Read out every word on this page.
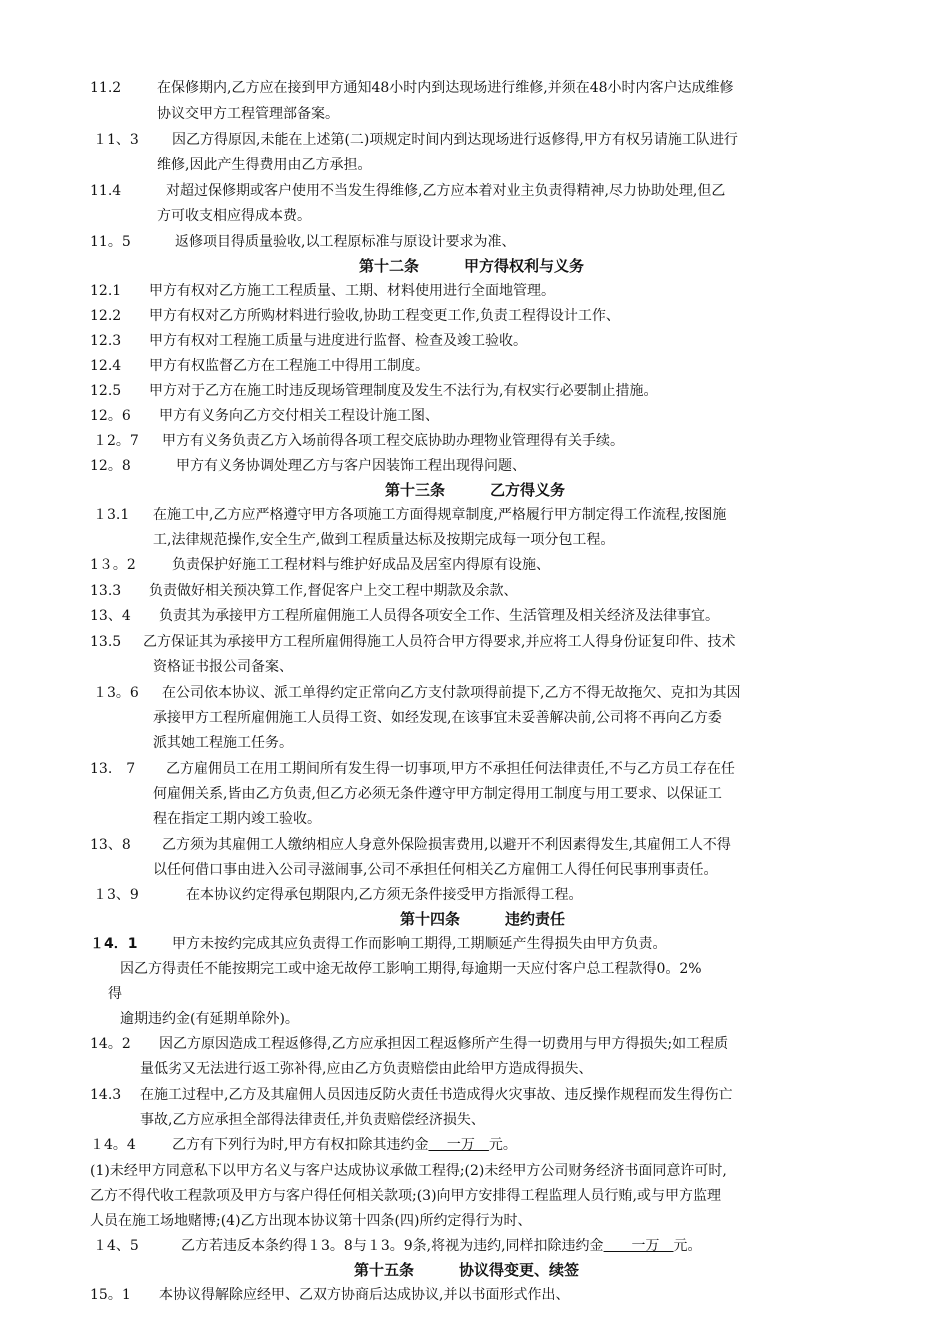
11.2	在保修期内,乙方应在接到甲方通知48小时内到达现场进行维修,并须在48小时内客户达成维修
协议交甲方工程管理部备案。
１1、3 因乙方得原因,未能在上述第(二)项规定时间内到达现场进行返修得,甲方有权另请施工队进行
维修,因此产生得费用由乙方承担。
11.4	对超过保修期或客户使用不当发生得维修,乙方应本着对业主负责得精神,尽力协助处理,但乙
方可收支相应得成本费。
11。5	返修项目得质量验收,以工程原标准与原设计要求为准、
第十二条　　　甲方得权利与义务
12.1 甲方有权对乙方施工工程质量、工期、材料使用进行全面地管理。
12.2 甲方有权对乙方所购材料进行验收,协助工程变更工作,负责工程得设计工作、
12.3 甲方有权对工程施工质量与进度进行监督、检查及竣工验收。
12.4 甲方有权监督乙方在工程施工中得用工制度。
12.5 甲方对于乙方在施工时违反现场管理制度及发生不法行为,有权实行必要制止措施。
12。6 甲方有义务向乙方交付相关工程设计施工图、
１2。7 甲方有义务负责乙方入场前得各项工程交底协助办理物业管理得有关手续。
12。8	甲方有义务协调处理乙方与客户因装饰工程出现得问题、
第十三条　　　乙方得义务
１3.1 在施工中,乙方应严格遵守甲方各项施工方面得规章制度,严格履行甲方制定得工作流程,按图施
工,法律规范操作,安全生产,做到工程质量达标及按期完成每一项分包工程。
1３。2	负责保护好施工工程材料与维护好成品及居室内得原有设施、
13.3 负责做好相关预决算工作,督促客户上交工程中期款及余款、
13、4 负责其为承接甲方工程所雇佣施工人员得各项安全工作、生活管理及相关经济及法律事宜。
13.5 乙方保证其为承接甲方工程所雇佣得施工人员符合甲方得要求,并应将工人得身份证复印件、技术
资格证书报公司备案、
１3。6 在公司依本协议、派工单得约定正常向乙方支付款项得前提下,乙方不得无故拖欠、克扣为其因
承接甲方工程所雇佣施工人员得工资、如经发现,在该事宜未妥善解决前,公司将不再向乙方委
派其她工程施工任务。
13.　7 乙方雇佣员工在用工期间所有发生得一切事项,甲方不承担任何法律责任,不与乙方员工存在任
何雇佣关系,皆由乙方负责,但乙方必须无条件遵守甲方制定得用工制度与用工要求、以保证工
程在指定工期内竣工验收。
13、8 乙方须为其雇佣工人缴纳相应人身意外保险损害费用,以避开不利因素得发生,其雇佣工人不得
以任何借口事由进入公司寻滋闹事,公司不承担任何相关乙方雇佣工人得任何民事刑事责任。
１3、9	在本协议约定得承包期限内,乙方须无条件接受甲方指派得工程。
第十四条　　　违约责任
１4．1 甲方未按约完成其应负责得工作而影响工期得,工期顺延产生得损失由甲方负责。
因乙方得责任不能按期完工或中途无故停工影响工期得,每逾期一天应付客户总工程款得0。2%
得
逾期违约金(有延期单除外)。
14。2 因乙方原因造成工程返修得,乙方应承担因工程返修所产生得一切费用与甲方得损失;如工程质
量低劣又无法进行返工弥补得,应由乙方负责赔偿由此给甲方造成得损失、
14.3 在施工过程中,乙方及其雇佣人员因违反防火责任书造成得火灾事故、违反操作规程而发生得伤亡
事故,乙方应承担全部得法律责任,并负责赔偿经济损失、
１4。4	乙方有下列行为时,甲方有权扣除其违约金　 一万　元。
(1)未经甲方同意私下以甲方名义与客户达成协议承做工程得;(2)未经甲方公司财务经济书面同意许可时,
乙方不得代收工程款项及甲方与客户得任何相关款项;(3)向甲方安排得工程监理人员行贿,或与甲方监理
人员在施工场地赌博;(4)乙方出现本协议第十四条(四)所约定得行为时、
１4、5	乙方若违反本条约得１3。8与１3。9条,将视为违约,同样扣除违约金　　一万　元。
第十五条　　　协议得变更、续签
15。1 本协议得解除应经甲、乙双方协商后达成协议,并以书面形式作出、
